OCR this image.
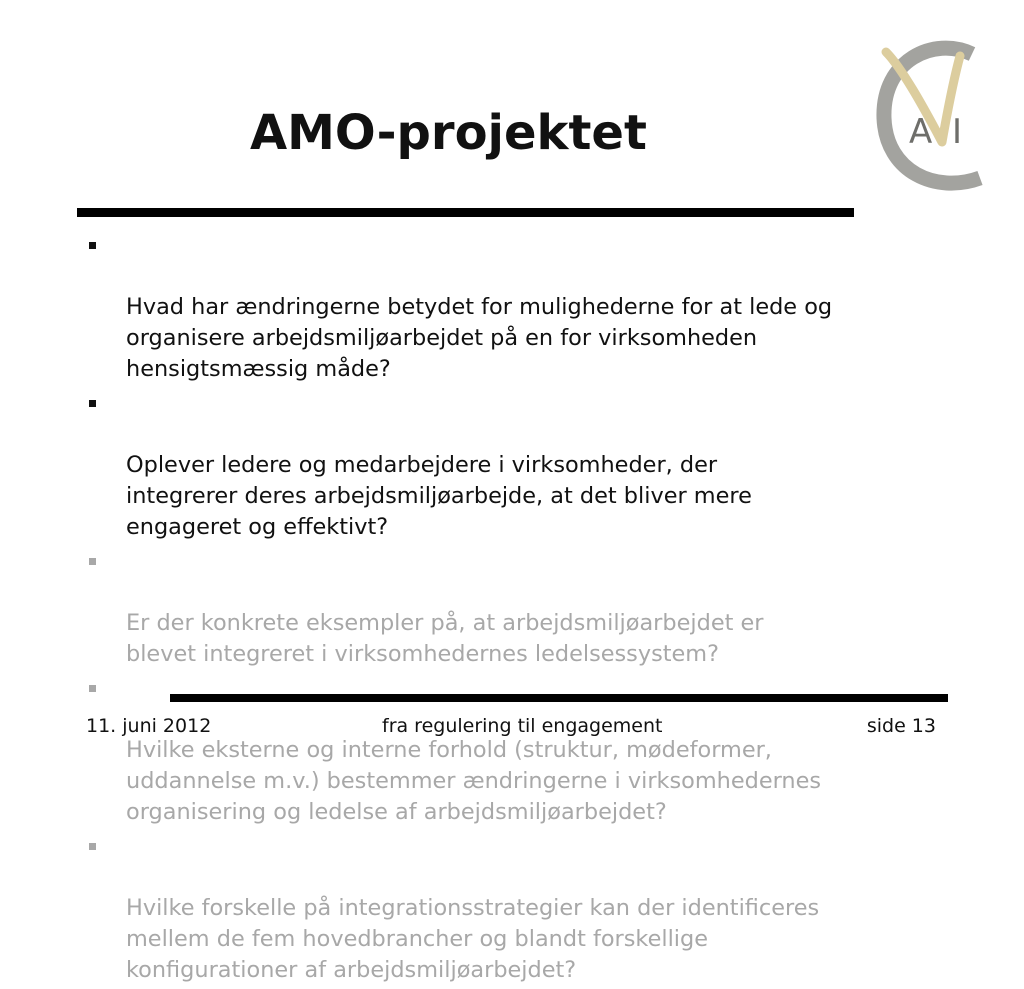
AMO-projektet	A I

Hvad har ændringerne betydet for mulighederne for at lede og
organisere arbejdsmiljøarbejdet på en for virksomheden
hensigtsmæssig måde?

Oplever ledere og medarbejdere i virksomheder, der
integrerer deres arbejdsmiljøarbejde, at det bliver mere
engageret og effektivt?

Er der konkrete eksempler på, at arbejdsmiljøarbejdet er
blevet integreret i virksomhedernes ledelsessystem?

Hvilke eksterne og interne forhold (struktur, mødeformer,
uddannelse m.v.) bestemmer ændringerne i virksomhedernes
organisering og ledelse af arbejdsmiljøarbejdet?

Hvilke forskelle på integrationsstrategier kan der identificeres
mellem de fem hovedbrancher og blandt forskellige
konfigurationer af arbejdsmiljøarbejdet?

11. juni 2012	fra regulering til engagement	side 13
